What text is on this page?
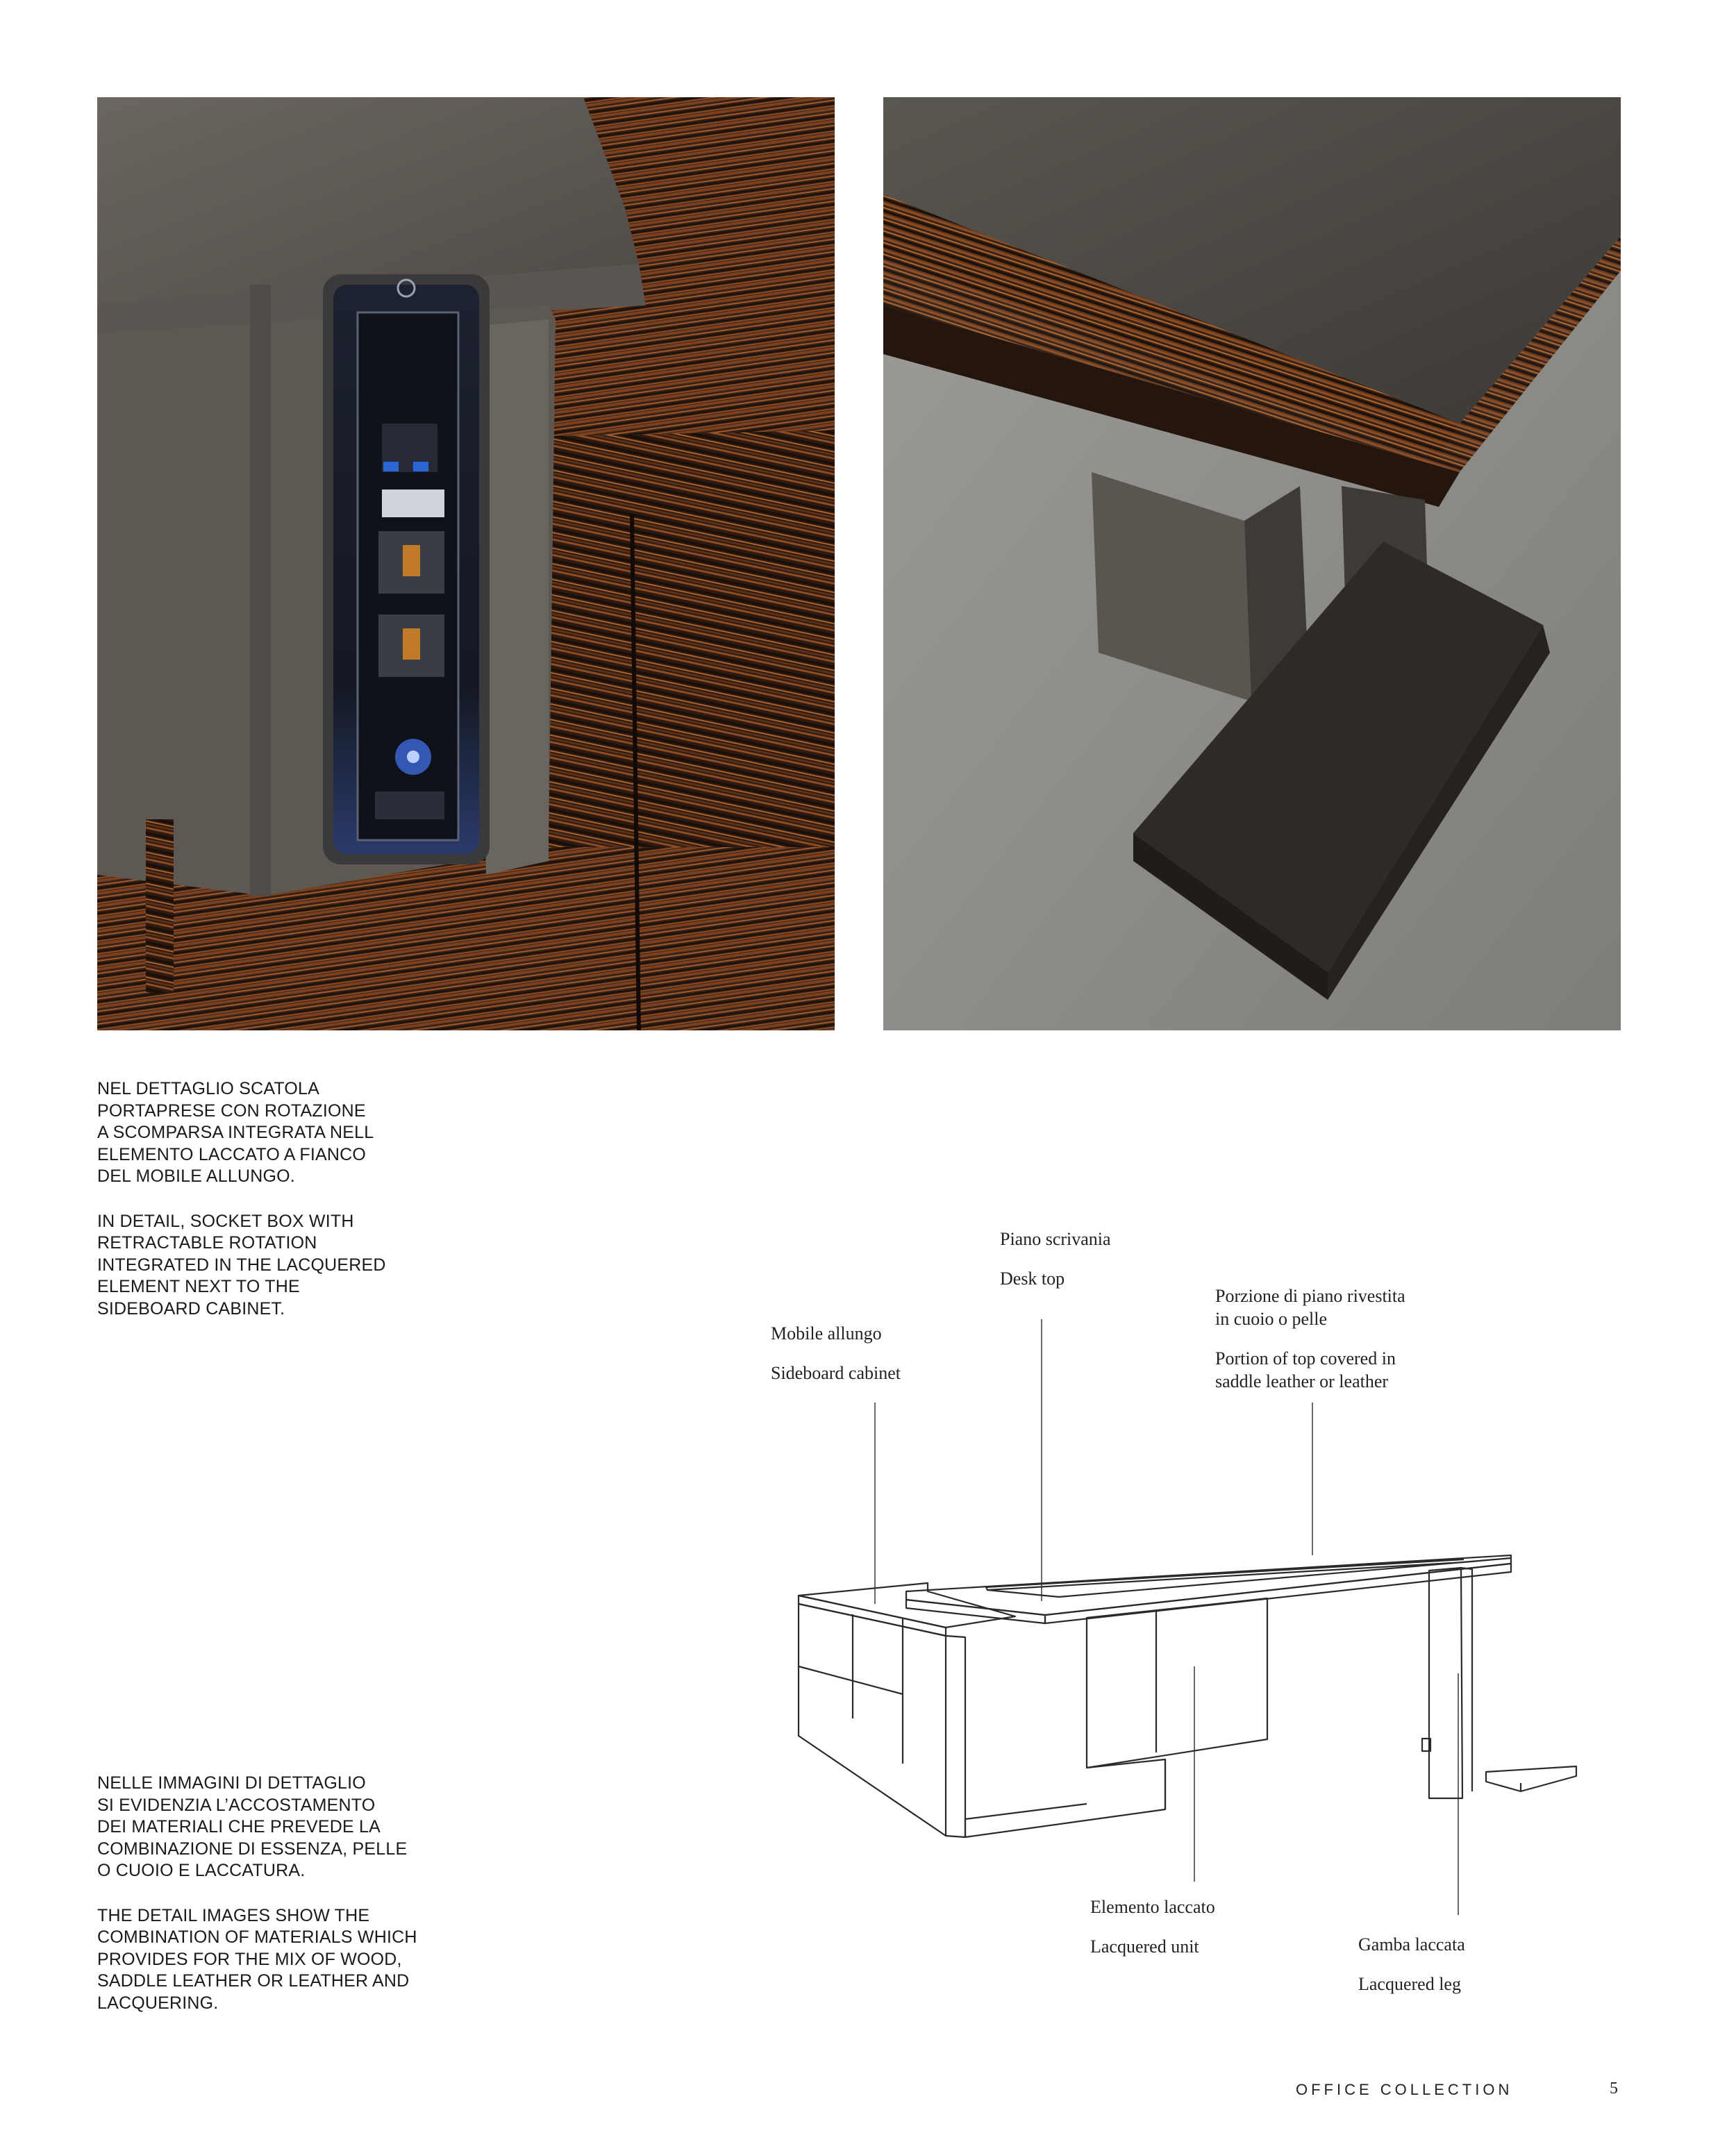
NEL DETTAGLIO SCATOLA

PORTAPRESE CON ROTAZIONE

A SCOMPARSA INTEGRATA NELL

ELEMENTO LACCATO A FIANCO

DEL MOBILE ALLUNGO.

IN DETAIL, SOCKET BOX WITH

RETRACTABLE ROTATION

INTEGRATED IN THE LACQUERED

ELEMENT NEXT TO THE

SIDEBOARD CABINET.

NELLE IMMAGINI DI DETTAGLIO

SI EVIDENZIA L’ACCOSTAMENTO

DEI MATERIALI CHE PREVEDE LA

COMBINAZIONE DI ESSENZA, PELLE

O CUOIO E LACCATURA.

THE DETAIL IMAGES SHOW THE

COMBINATION OF MATERIALS WHICH

PROVIDES FOR THE MIX OF WOOD,

SADDLE LEATHER OR LEATHER AND

LACQUERING.

Piano scrivania
Desk top
Porzione di piano rivestita
in cuoio o pelle
Portion of top covered in
saddle leather or leather
Mobile allungo
Sideboard cabinet
Elemento laccato
Lacquered unit	Gamba laccata
Lacquered leg
OFFICE COLLECTION	5
